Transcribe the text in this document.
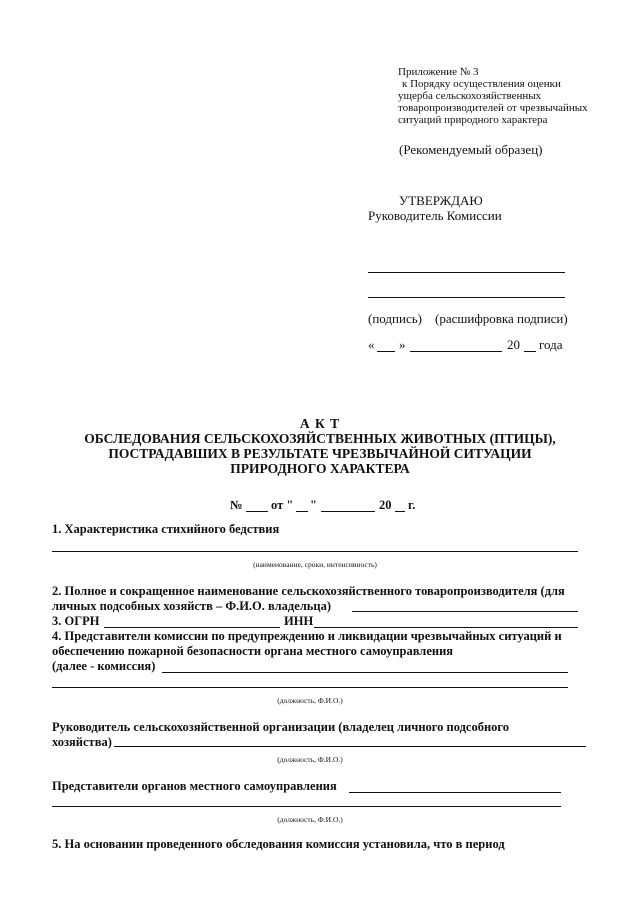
Приложение № 3
к Порядку осуществления оценки
ущерба сельскохозяйственных
товаропроизводителей от чрезвычайных
ситуаций природного характера
(Рекомендуемый образец)
УТВЕРЖДАЮ
Руководитель Комиссии
(подпись) (расшифровка подписи)
« »	20 года
А К Т
ОБСЛЕДОВАНИЯ СЕЛЬСКОХОЗЯЙСТВЕННЫХ ЖИВОТНЫХ (ПТИЦЫ),
ПОСТРАДАВШИХ В РЕЗУЛЬТАТЕ ЧРЕЗВЫЧАЙНОЙ СИТУАЦИИ
ПРИРОДНОГО ХАРАКТЕРА
№ от " "	20 г.
1. Характеристика стихийного бедствия
(наименование, сроки, интенсивность)
2. Полное и сокращенное наименование сельскохозяйственного товаропроизводителя (для
личных подсобных хозяйств – Ф.И.О. владельца)
3. ОГРН	ИНН
4. Представители комиссии по предупреждению и ликвидации чрезвычайных ситуаций и
обеспечению пожарной безопасности органа местного самоуправления
(далее - комиссия)
(должность, Ф.И.О.)
Руководитель сельскохозяйственной организации (владелец личного подсобного
хозяйства)
(должность, Ф.И.О.)
Представители органов местного самоуправления
(должность, Ф.И.О.)
5. На основании проведенного обследования комиссия установила, что в период
